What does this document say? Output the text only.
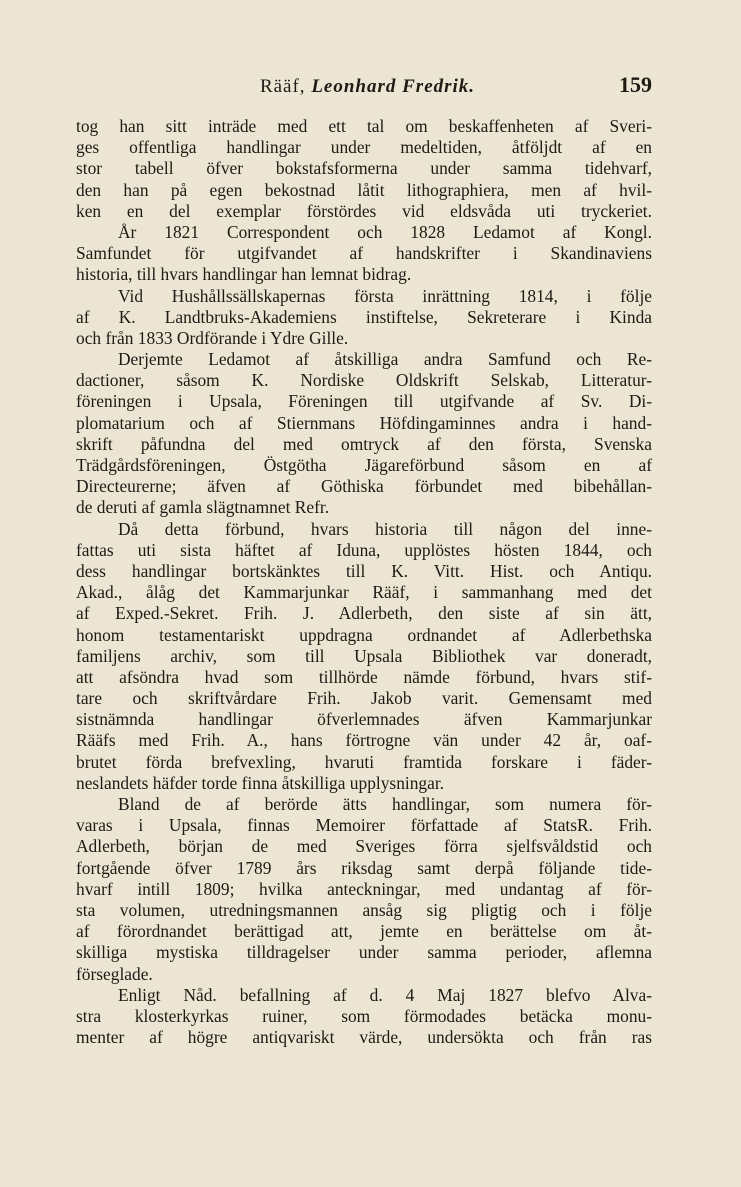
Rääf, Leonhard Fredrik.	159
tog han sitt inträde med ett tal om beskaffenheten af Sveri-
ges offentliga handlingar under medeltiden, åtföljdt af en
stor tabell öfver bokstafsformerna under samma tidehvarf,
den han på egen bekostnad låtit lithographiera, men af hvil-
ken en del exemplar förstördes vid eldsvåda uti tryckeriet.
År 1821 Correspondent och 1828 Ledamot af Kongl.
Samfundet för utgifvandet af handskrifter i Skandinaviens
historia, till hvars handlingar han lemnat bidrag.
Vid Hushållssällskapernas första inrättning 1814, i följe
af K. Landtbruks-Akademiens instiftelse, Sekreterare i Kinda
och från 1833 Ordförande i Ydre Gille.
Derjemte Ledamot af åtskilliga andra Samfund och Re-
dactioner, såsom K. Nordiske Oldskrift Selskab, Litteratur-
föreningen i Upsala, Föreningen till utgifvande af Sv. Di-
plomatarium och af Stiernmans Höfdingaminnes andra i hand-
skrift påfundna del med omtryck af den första, Svenska
Trädgårdsföreningen, Östgötha Jägareförbund såsom en af
Directeurerne; äfven af Göthiska förbundet med bibehållan-
de deruti af gamla slägtnamnet Refr.
Då detta förbund, hvars historia till någon del inne-
fattas uti sista häftet af Iduna, upplöstes hösten 1844, och
dess handlingar bortskänktes till K. Vitt. Hist. och Antiqu.
Akad., ålåg det Kammarjunkar Rääf, i sammanhang med det
af Exped.-Sekret. Frih. J. Adlerbeth, den siste af sin ätt,
honom testamentariskt uppdragna ordnandet af Adlerbethska
familjens archiv, som till Upsala Bibliothek var doneradt,
att afsöndra hvad som tillhörde nämde förbund, hvars stif-
tare och skriftvårdare Frih. Jakob varit. Gemensamt med
sistnämnda handlingar öfverlemnades äfven Kammarjunkar
Rääfs med Frih. A., hans förtrogne vän under 42 år, oaf-
brutet förda brefvexling, hvaruti framtida forskare i fäder-
neslandets häfder torde finna åtskilliga upplysningar.
Bland de af berörde ätts handlingar, som numera för-
varas i Upsala, finnas Memoirer författade af StatsR. Frih.
Adlerbeth, början de med Sveriges förra sjelfsvåldstid och
fortgående öfver 1789 års riksdag samt derpå följande tide-
hvarf intill 1809; hvilka anteckningar, med undantag af för-
sta volumen, utredningsmannen ansåg sig pligtig och i följe
af förordnandet berättigad att, jemte en berättelse om åt-
skilliga mystiska tilldragelser under samma perioder, aflemna
förseglade.
Enligt Nåd. befallning af d. 4 Maj 1827 blefvo Alva-
stra klosterkyrkas ruiner, som förmodades betäcka monu-
menter af högre antiqvariskt värde, undersökta och från ras
